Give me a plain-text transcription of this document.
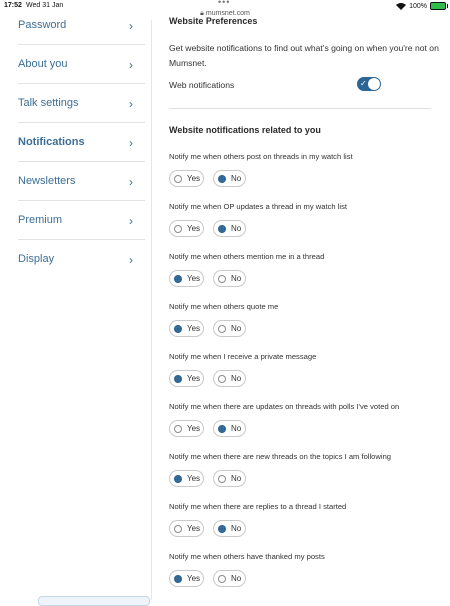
17:52 Wed 31 Jan	•••	100%
🔒︎ mumsnet.com
Password	›
About you	›
Talk settings	›
Notifications	›
Newsletters	›
Premium	›
Display	›
Website Preferences
Get website notifications to find out what's going on when you're not on Mumsnet.
Web notifications	✓
Website notifications related to you
Notify me when others post on threads in my watch list
Yes	No
Notify me when OP updates a thread in my watch list
Yes	No
Notify me when others mention me in a thread
Yes	No
Notify me when others quote me
Yes	No
Notify me when I receive a private message
Yes	No
Notify me when there are updates on threads with polls I've voted on
Yes	No
Notify me when there are new threads on the topics I am following
Yes	No
Notify me when there are replies to a thread I started
Yes	No
Notify me when others have thanked my posts
Yes	No
